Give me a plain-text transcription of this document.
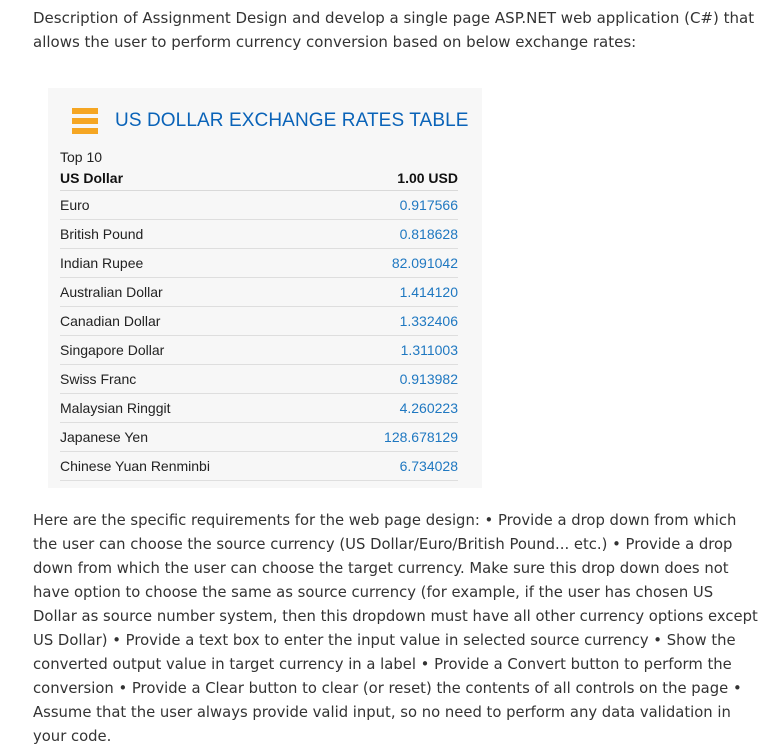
Description of Assignment Design and develop a single page ASP.NET web application (C#) that allows the user to perform currency conversion based on below exchange rates:

US DOLLAR EXCHANGE RATES TABLE
Top 10
US Dollar	1.00 USD
Euro	0.917566
British Pound	0.818628
Indian Rupee	82.091042
Australian Dollar	1.414120
Canadian Dollar	1.332406
Singapore Dollar	1.311003
Swiss Franc	0.913982
Malaysian Ringgit	4.260223
Japanese Yen	128.678129
Chinese Yuan Renminbi	6.734028

Here are the specific requirements for the web page design: • Provide a drop down from which the user can choose the source currency (US Dollar/Euro/British Pound... etc.) • Provide a drop down from which the user can choose the target currency. Make sure this drop down does not have option to choose the same as source currency (for example, if the user has chosen US Dollar as source number system, then this dropdown must have all other currency options except US Dollar) • Provide a text box to enter the input value in selected source currency • Show the converted output value in target currency in a label • Provide a Convert button to perform the conversion • Provide a Clear button to clear (or reset) the contents of all controls on the page • Assume that the user always provide valid input, so no need to perform any data validation in your code.
